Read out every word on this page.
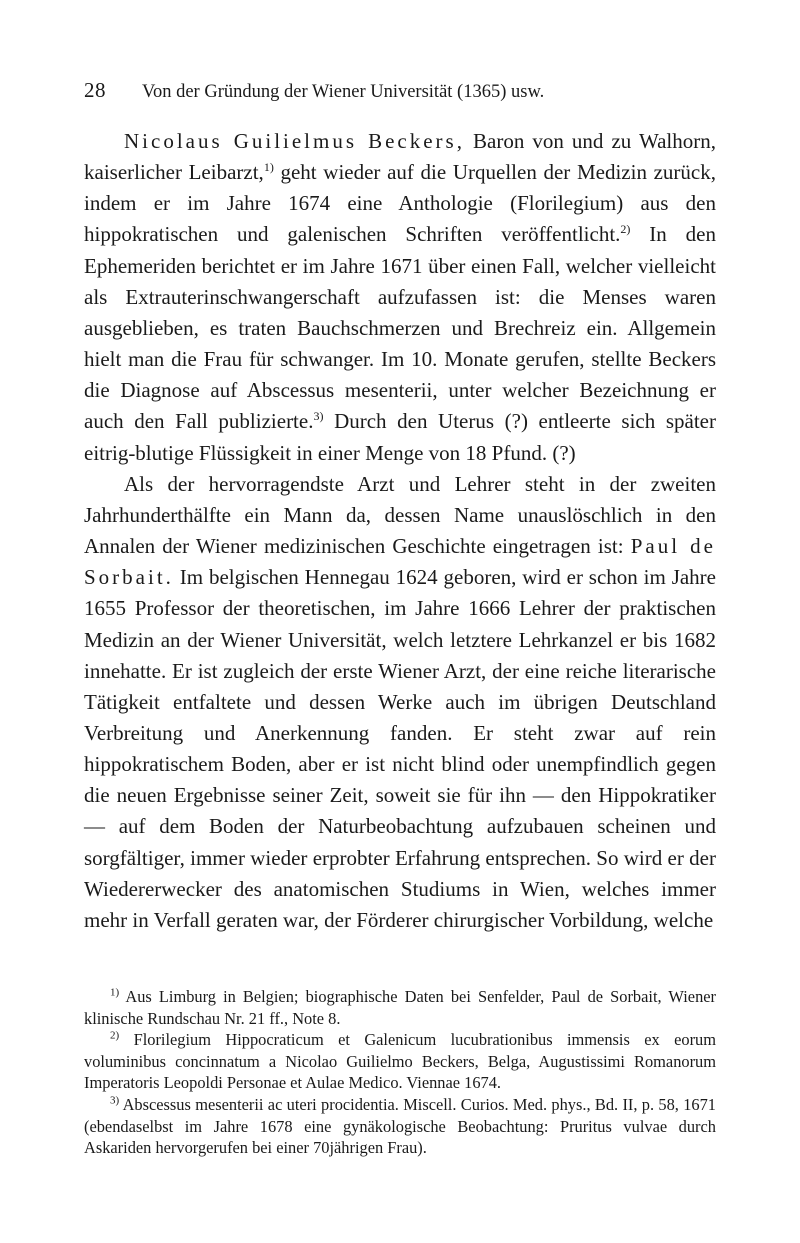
28 Von der Gründung der Wiener Universität (1365) usw.

Nicolaus Guilielmus Beckers, Baron von und zu Walhorn, kaiserlicher Leibarzt,$^{1)}$ geht wieder auf die Urquellen der Medizin zurück, indem er im Jahre 1674 eine Anthologie (Florilegium) aus den hippokratischen und galenischen Schriften veröffentlicht.$^{2)}$ In den Ephemeriden berichtet er im Jahre 1671 über einen Fall, welcher vielleicht als Extrauterinschwangerschaft aufzufassen ist: die Menses waren ausgeblieben, es traten Bauchschmerzen und Brechreiz ein. Allgemein hielt man die Frau für schwanger. Im 10. Monate gerufen, stellte Beckers die Diagnose auf Abscessus mesenterii, unter welcher Bezeichnung er auch den Fall publizierte.$^{3)}$ Durch den Uterus (?) entleerte sich später eitrig-blutige Flüssigkeit in einer Menge von 18 Pfund. (?)

Als der hervorragendste Arzt und Lehrer steht in der zweiten Jahrhunderthälfte ein Mann da, dessen Name unauslöschlich in den Annalen der Wiener medizinischen Geschichte eingetragen ist: Paul de Sorbait. Im belgischen Hennegau 1624 geboren, wird er schon im Jahre 1655 Professor der theoretischen, im Jahre 1666 Lehrer der praktischen Medizin an der Wiener Universität, welch letztere Lehrkanzel er bis 1682 innehatte. Er ist zugleich der erste Wiener Arzt, der eine reiche literarische Tätigkeit entfaltete und dessen Werke auch im übrigen Deutschland Verbreitung und Anerkennung fanden. Er steht zwar auf rein hippokratischem Boden, aber er ist nicht blind oder unempfindlich gegen die neuen Ergebnisse seiner Zeit, soweit sie für ihn — den Hippokratiker — auf dem Boden der Naturbeobachtung aufzubauen scheinen und sorgfältiger, immer wieder erprobter Erfahrung entsprechen. So wird er der Wiedererwecker des anatomischen Studiums in Wien, welches immer mehr in Verfall geraten war, der Förderer chirurgischer Vorbildung, welche

$^{1)}$ Aus Limburg in Belgien; biographische Daten bei Senfelder, Paul de Sorbait, Wiener klinische Rundschau Nr. 21 ff., Note 8.

$^{2)}$ Florilegium Hippocraticum et Galenicum lucubrationibus immensis ex eorum voluminibus concinnatum a Nicolao Guilielmo Beckers, Belga, Augustissimi Romanorum Imperatoris Leopoldi Personae et Aulae Medico. Viennae 1674.

$^{3)}$ Abscessus mesenterii ac uteri procidentia. Miscell. Curios. Med. phys., Bd. II, p. 58, 1671 (ebendaselbst im Jahre 1678 eine gynäkologische Beobachtung: Pruritus vulvae durch Askariden hervorgerufen bei einer 70jährigen Frau).
